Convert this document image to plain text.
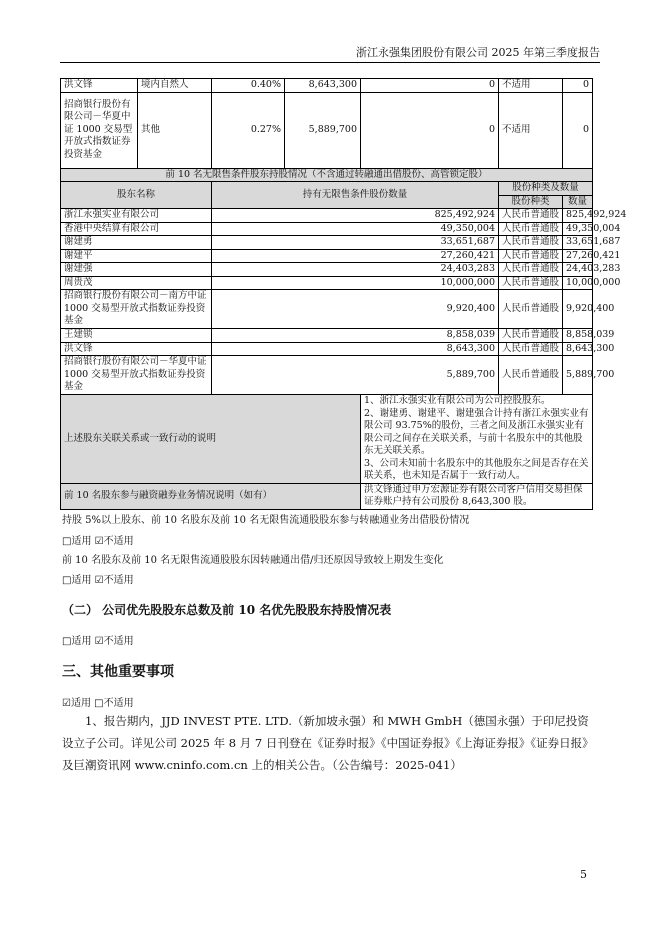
浙江永强集团股份有限公司 2025 年第三季度报告
洪文锋	境内自然人	0.40%	8,643,300	0	不适用	0
招商银行股份有限公司－华夏中证 1000 交易型开放式指数证券投资基金	其他	0.27%	5,889,700	0	不适用	0
前 10 名无限售条件股东持股情况（不含通过转融通出借股份、高管锁定股）						
股东名称		持有无限售条件股份数量			股份种类及数量	
					股份种类	数量
浙江永强实业有限公司		825,492,924			人民币普通股	825,492,924
香港中央结算有限公司		49,350,004			人民币普通股	49,350,004
谢建勇		33,651,687			人民币普通股	33,651,687
谢建平		27,260,421			人民币普通股	27,260,421
谢建强		24,403,283			人民币普通股	24,403,283
周贵茂		10,000,000			人民币普通股	10,000,000
招商银行股份有限公司－南方中证 1000 交易型开放式指数证券投资基金		9,920,400			人民币普通股	9,920,400
王建锁		8,858,039			人民币普通股	8,858,039
洪文锋		8,643,300			人民币普通股	8,643,300
招商银行股份有限公司－华夏中证 1000 交易型开放式指数证券投资基金		5,889,700			人民币普通股	5,889,700
上述股东关联关系或一致行动的说明				1、浙江永强实业有限公司为公司控股股东。
2、谢建勇、谢建平、谢建强合计持有浙江永强实业有限公司 93.75%的股份，三者之间及浙江永强实业有限公司之间存在关联关系，与前十名股东中的其他股东无关联关系。
3、公司未知前十名股东中的其他股东之间是否存在关联关系，也未知是否属于一致行动人。		

前 10 名股东参与融资融券业务情况说明（如有）				洪文锋通过申万宏源证券有限公司客户信用交易担保证券账户持有公司股份 8,643,300 股。		
持股 5%以上股东、前 10 名股东及前 10 名无限售流通股股东参与转融通业务出借股份情况
□适用 ☑不适用
前 10 名股东及前 10 名无限售流通股股东因转融通出借/归还原因导致较上期发生变化
□适用 ☑不适用
（二） 公司优先股股东总数及前 10 名优先股股东持股情况表
□适用 ☑不适用
三、其他重要事项
☑适用 □不适用
1、报告期内，JJD INVEST PTE. LTD.（新加坡永强）和 MWH GmbH（德国永强）于印尼投资设立子公司。详见公司 2025 年 8 月 7 日刊登在《证券时报》《中国证券报》《上海证券报》《证券日报》及巨潮资讯网 www.cninfo.com.cn 上的相关公告。（公告编号：2025-041）
5
